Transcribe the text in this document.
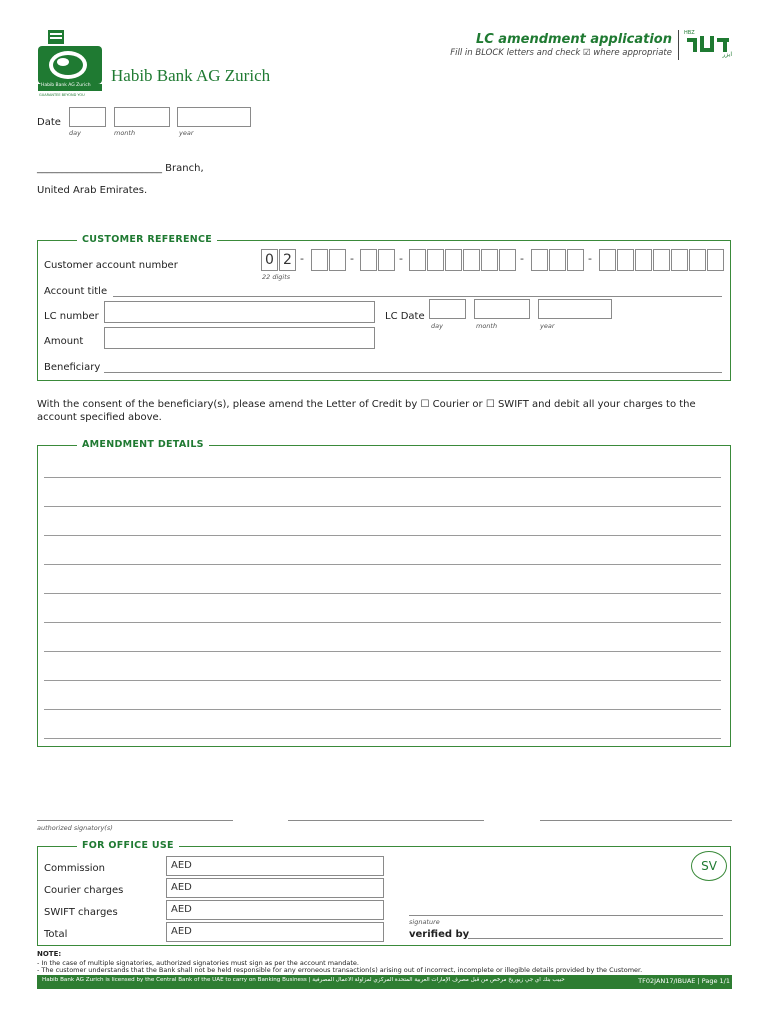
Habib Bank AG Zurich
GUARANTEE BEYOND YOU
Habib Bank AG Zurich
LC amendment application
Fill in BLOCK letters and check ☑ where appropriate
HBZ
ايزر
Date
day	month	year
_________________________ Branch,
United Arab Emirates.
CUSTOMER REFERENCE
Customer account number	0 2 -	-	-	-	-
22 digits
Account title
LC number	LC Date
day	month	year
Amount
Beneficiary
With the consent of the beneficiary(s), please amend the Letter of Credit by ☐ Courier or ☐ SWIFT and debit all your charges to the account specified above.
AMENDMENT DETAILS
authorized signatory(s)
FOR OFFICE USE
Commission	AED
Courier charges	AED
SWIFT charges	AED
Total	AED
SV
signature
verified by
NOTE:
- In the case of multiple signatories, authorized signatories must sign as per the account mandate.
- The customer understands that the Bank shall not be held responsible for any erroneous transaction(s) arising out of incorrect, incomplete or illegible details provided by the Customer.
Habib Bank AG Zurich is licensed by the Central Bank of the UAE to carry on Banking Business | حبيب بنك اي جي زيوريخ مرخص من قبل مصرف الإمارات العربية المتحدة المركزي لمزاولة الأعمال المصرفية	TF02JAN17/IBUAE | Page 1/1
